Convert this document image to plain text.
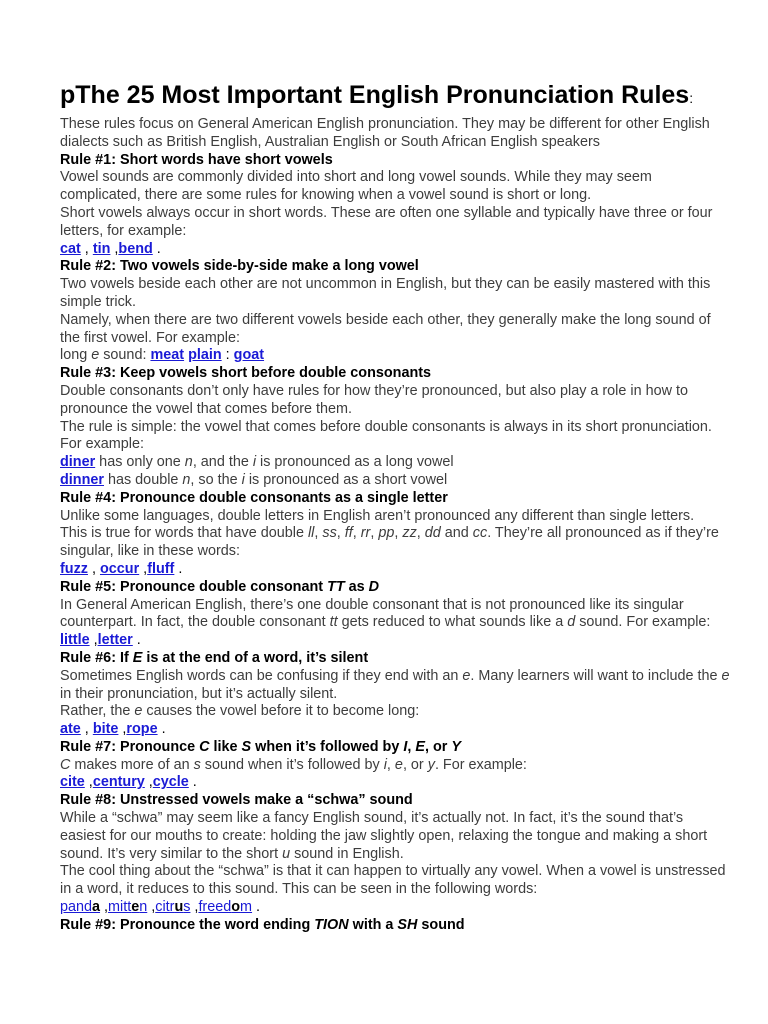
pThe 25 Most Important English Pronunciation Rules:

These rules focus on General American English pronunciation. They may be different for other English dialects such as British English, Australian English or South African English speakers

Rule #1: Short words have short vowels

Vowel sounds are commonly divided into short and long vowel sounds. While they may seem complicated, there are some rules for knowing when a vowel sound is short or long.

Short vowels always occur in short words. These are often one syllable and typically have three or four letters, for example:

cat , tin ,bend .

Rule #2: Two vowels side-by-side make a long vowel

Two vowels beside each other are not uncommon in English, but they can be easily mastered with this simple trick.

Namely, when there are two different vowels beside each other, they generally make the long sound of the first vowel. For example:

long e sound: meat plain : goat

Rule #3: Keep vowels short before double consonants

Double consonants don’t only have rules for how they’re pronounced, but also play a role in how to pronounce the vowel that comes before them.

The rule is simple: the vowel that comes before double consonants is always in its short pronunciation. For example:

diner has only one n, and the i is pronounced as a long vowel

dinner has double n, so the i is pronounced as a short vowel

Rule #4: Pronounce double consonants as a single letter

Unlike some languages, double letters in English aren’t pronounced any different than single letters.

This is true for words that have double ll, ss, ff, rr, pp, zz, dd and cc. They’re all pronounced as if they’re singular, like in these words:

fuzz , occur ,fluff .

Rule #5: Pronounce double consonant TT as D

In General American English, there’s one double consonant that is not pronounced like its singular counterpart. In fact, the double consonant tt gets reduced to what sounds like a d sound. For example:

little ,letter .

Rule #6: If E is at the end of a word, it’s silent

Sometimes English words can be confusing if they end with an e. Many learners will want to include the e in their pronunciation, but it’s actually silent.

Rather, the e causes the vowel before it to become long:

ate , bite ,rope .

Rule #7: Pronounce C like S when it’s followed by I, E, or Y

C makes more of an s sound when it’s followed by i, e, or y. For example:

cite ,century ,cycle .

Rule #8: Unstressed vowels make a “schwa” sound

While a “schwa” may seem like a fancy English sound, it’s actually not. In fact, it’s the sound that’s easiest for our mouths to create: holding the jaw slightly open, relaxing the tongue and making a short sound. It’s very similar to the short u sound in English.

The cool thing about the “schwa” is that it can happen to virtually any vowel. When a vowel is unstressed in a word, it reduces to this sound. This can be seen in the following words:

panda ,mitten ,citrus ,freedom .

Rule #9: Pronounce the word ending TION with a SH sound
